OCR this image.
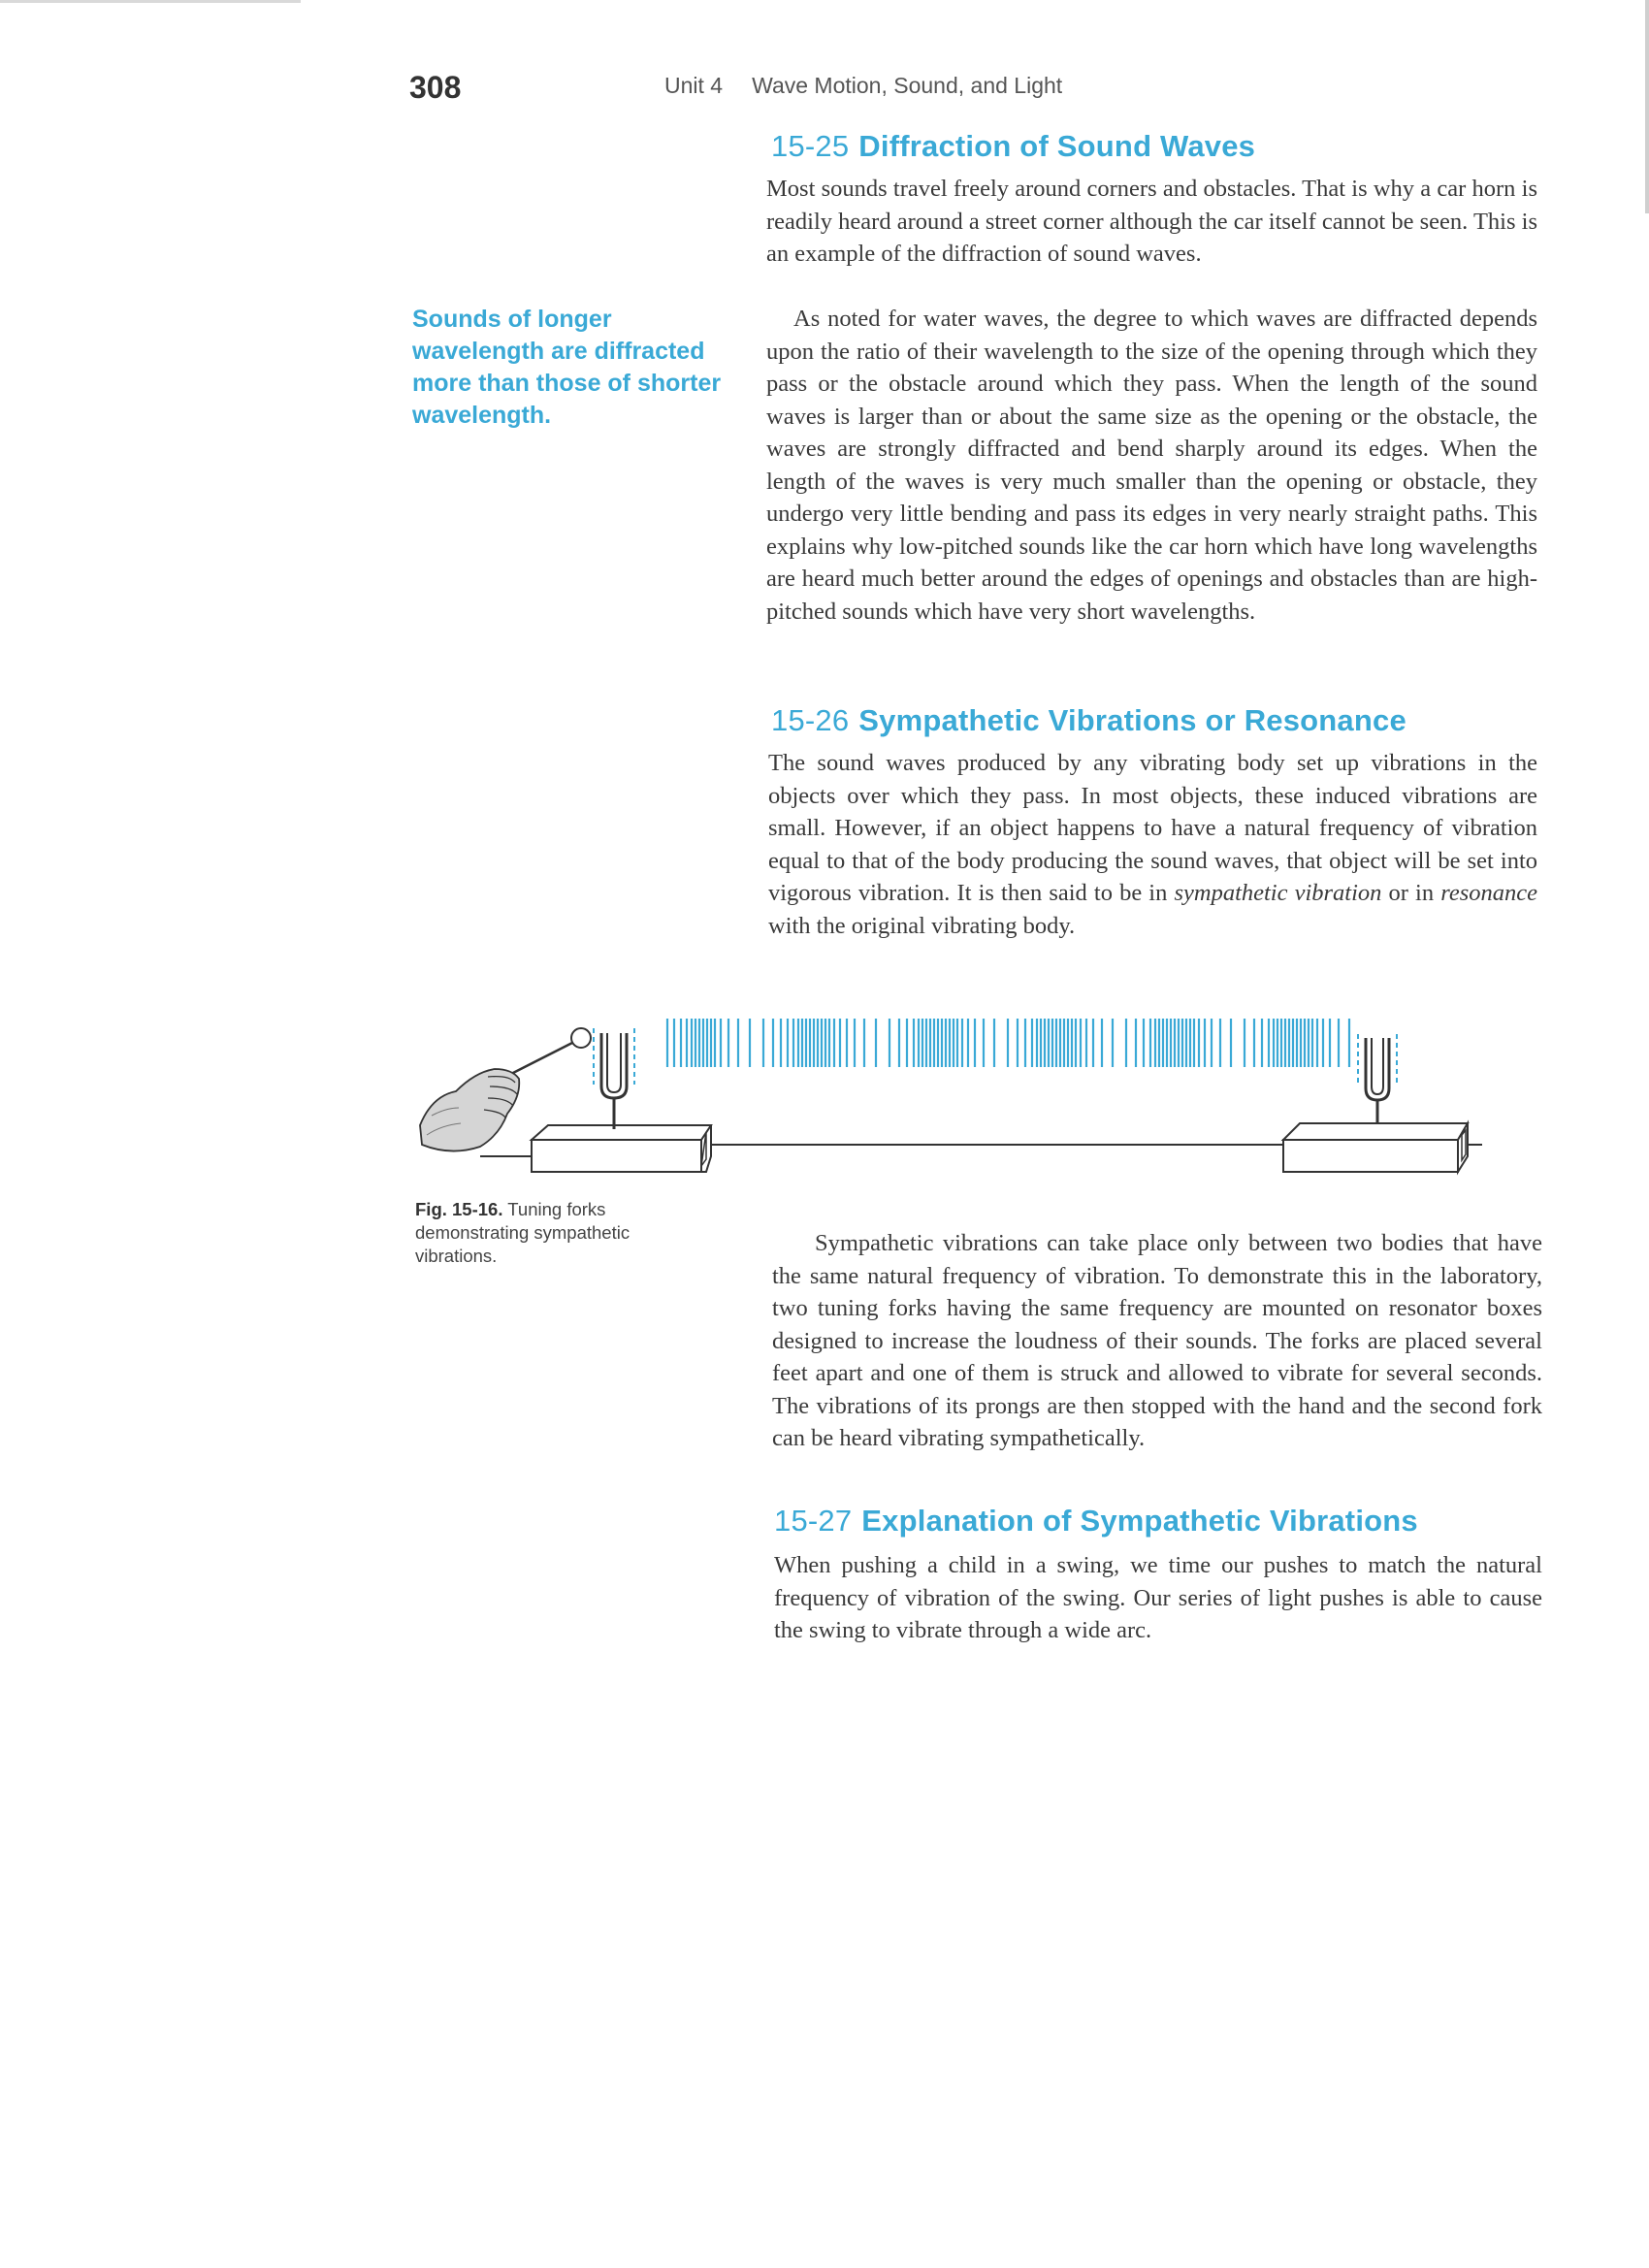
308	Unit 4 Wave Motion, Sound, and Light
15-25 Diffraction of Sound Waves

Most sounds travel freely around corners and obstacles. That is why a car horn is readily heard around a street corner although the car itself cannot be seen. This is an example of the diffraction of sound waves.

As noted for water waves, the degree to which waves are diffracted depends upon the ratio of their wavelength to the size of the opening through which they pass or the obstacle around which they pass. When the length of the sound waves is larger than or about the same size as the opening or the obstacle, the waves are strongly diffracted and bend sharply around its edges. When the length of the waves is very much smaller than the opening or obstacle, they undergo very little bending and pass its edges in very nearly straight paths. This explains why low-pitched sounds like the car horn which have long wavelengths are heard much better around the edges of openings and obstacles than are high-pitched sounds which have very short wavelengths.

Sounds of longer wavelength are diffracted more than those of shorter wavelength.

15-26 Sympathetic Vibrations or Resonance

The sound waves produced by any vibrating body set up vibrations in the objects over which they pass. In most objects, these induced vibrations are small. However, if an object happens to have a natural frequency of vibration equal to that of the body producing the sound waves, that object will be set into vigorous vibration. It is then said to be in sympathetic vibration or in resonance with the original vibrating body.

Fig. 15-16. Tuning forks demonstrating sympathetic vibrations.	Sympathetic vibrations can take place only between two bodies that have the same natural frequency of vibration. To demonstrate this in the laboratory, two tuning forks having the same frequency are mounted on resonator boxes designed to increase the loudness of their sounds. The forks are placed several feet apart and one of them is struck and allowed to vibrate for several seconds. The vibrations of its prongs are then stopped with the hand and the second fork can be heard vibrating sympathetically.

15-27 Explanation of Sympathetic Vibrations

When pushing a child in a swing, we time our pushes to match the natural frequency of vibration of the swing. Our series of light pushes is able to cause the swing to vibrate through a wide arc.
